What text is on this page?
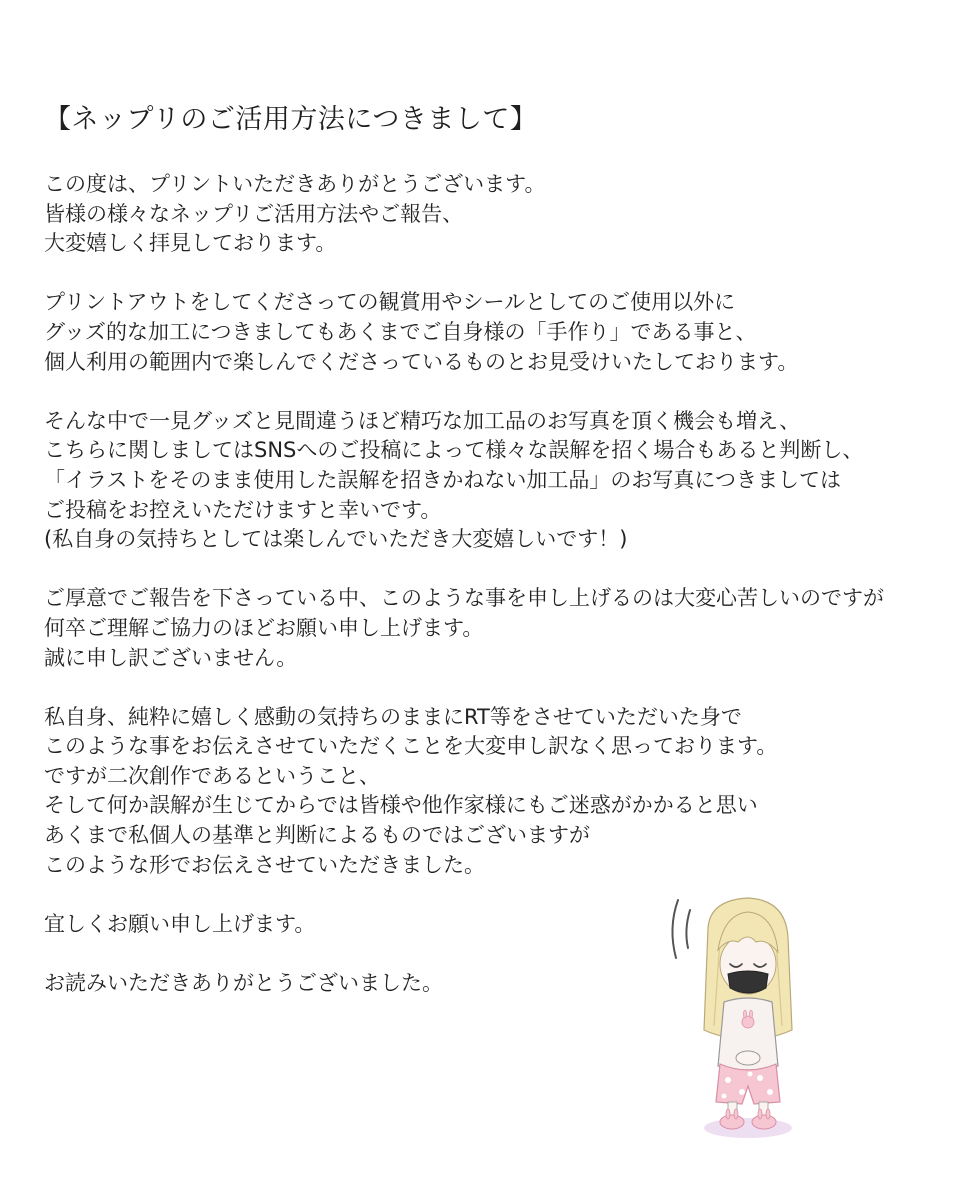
【ネップリのご活用方法につきまして】
この度は、プリントいただきありがとうございます。
皆様の様々なネップリご活用方法やご報告、
大変嬉しく拝見しております。
プリントアウトをしてくださっての観賞用やシールとしてのご使用以外に
グッズ的な加工につきましてもあくまでご自身様の「手作り」である事と、
個人利用の範囲内で楽しんでくださっているものとお見受けいたしております。
そんな中で一見グッズと見間違うほど精巧な加工品のお写真を頂く機会も増え、
こちらに関しましてはSNSへのご投稿によって様々な誤解を招く場合もあると判断し、
「イラストをそのまま使用した誤解を招きかねない加工品」のお写真につきましては
ご投稿をお控えいただけますと幸いです。
(私自身の気持ちとしては楽しんでいただき大変嬉しいです！)
ご厚意でご報告を下さっている中、このような事を申し上げるのは大変心苦しいのですが
何卒ご理解ご協力のほどお願い申し上げます。
誠に申し訳ございません。
私自身、純粋に嬉しく感動の気持ちのままにRT等をさせていただいた身で
このような事をお伝えさせていただくことを大変申し訳なく思っております。
ですが二次創作であるということ、
そして何か誤解が生じてからでは皆様や他作家様にもご迷惑がかかると思い
あくまで私個人の基準と判断によるものではございますが
このような形でお伝えさせていただきました。
宜しくお願い申し上げます。
お読みいただきありがとうございました。
